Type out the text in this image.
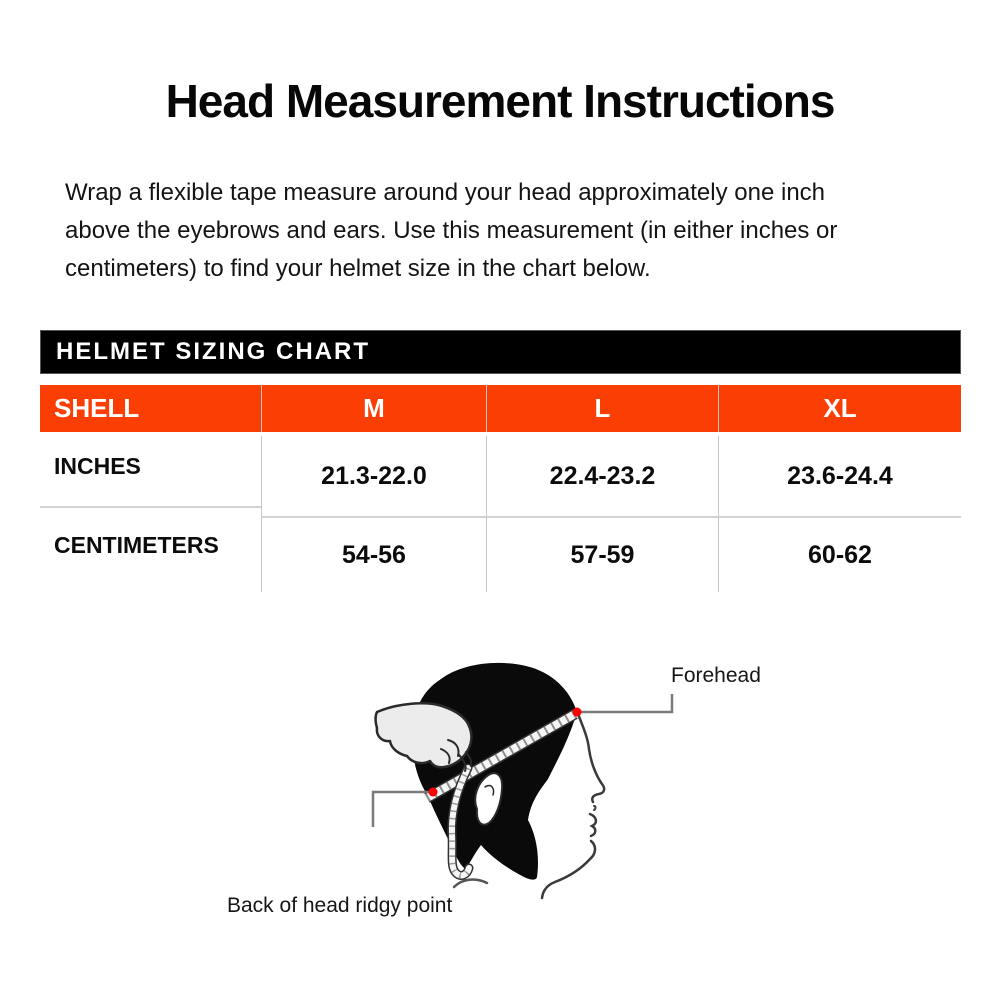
Head Measurement Instructions
Wrap a flexible tape measure around your head approximately one inch
above the eyebrows and ears. Use this measurement (in either inches or
centimeters) to find your helmet size in the chart below.
HELMET SIZING CHART
SHELL	M	L	XL
INCHES	21.3-22.0	22.4-23.2	23.6-24.4
CENTIMETERS	54-56	57-59	60-62
Forehead
Back of head ridgy point
